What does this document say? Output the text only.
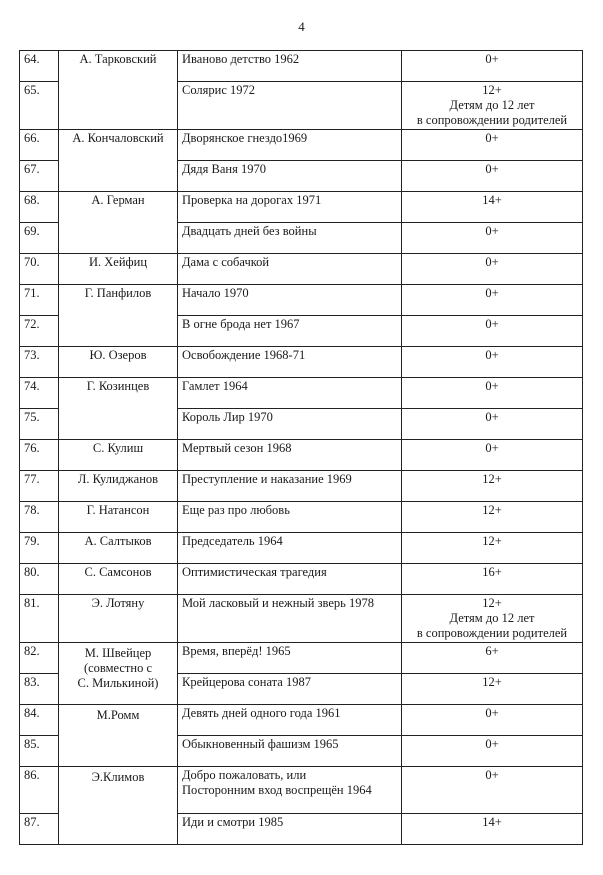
4
64.	А. Тарковский	Иваново детство 1962	0+
65.		Солярис 1972	12+
Детям до 12 лет
в сопровождении родителей

66.	А. Кончаловский	Дворянское гнездо1969	0+
67.		Дядя Ваня 1970	0+
68.	А. Герман	Проверка на дорогах 1971	14+
69.		Двадцать дней без войны	0+
70.	И. Хейфиц	Дама с собачкой	0+
71.	Г. Панфилов	Начало 1970	0+
72.		В огне брода нет 1967	0+
73.	Ю. Озеров	Освобождение 1968-71	0+
74.	Г. Козинцев	Гамлет 1964	0+
75.		Король Лир 1970	0+
76.	С. Кулиш	Мертвый сезон 1968	0+
77.	Л. Кулиджанов	Преступление и наказание 1969	12+
78.	Г. Натансон	Еще раз про любовь	12+
79.	А. Салтыков	Председатель 1964	12+
80.	С. Самсонов	Оптимистическая трагедия	16+
81.	Э. Лотяну	Мой ласковый и нежный зверь 1978	12+
Детям до 12 лет
в сопровождении родителей

82.	М. Швейцер
(совместно с
С. Милькиной)	Время, вперёд! 1965	6+
83.		Крейцерова соната 1987	12+
84.	М.Ромм	Девять дней одного года 1961	0+
85.		Обыкновенный фашизм 1965	0+
86.	Э.Климов	Добро пожаловать, или
Посторонним вход воспрещён 1964	0+
87.		Иди и смотри 1985	14+
